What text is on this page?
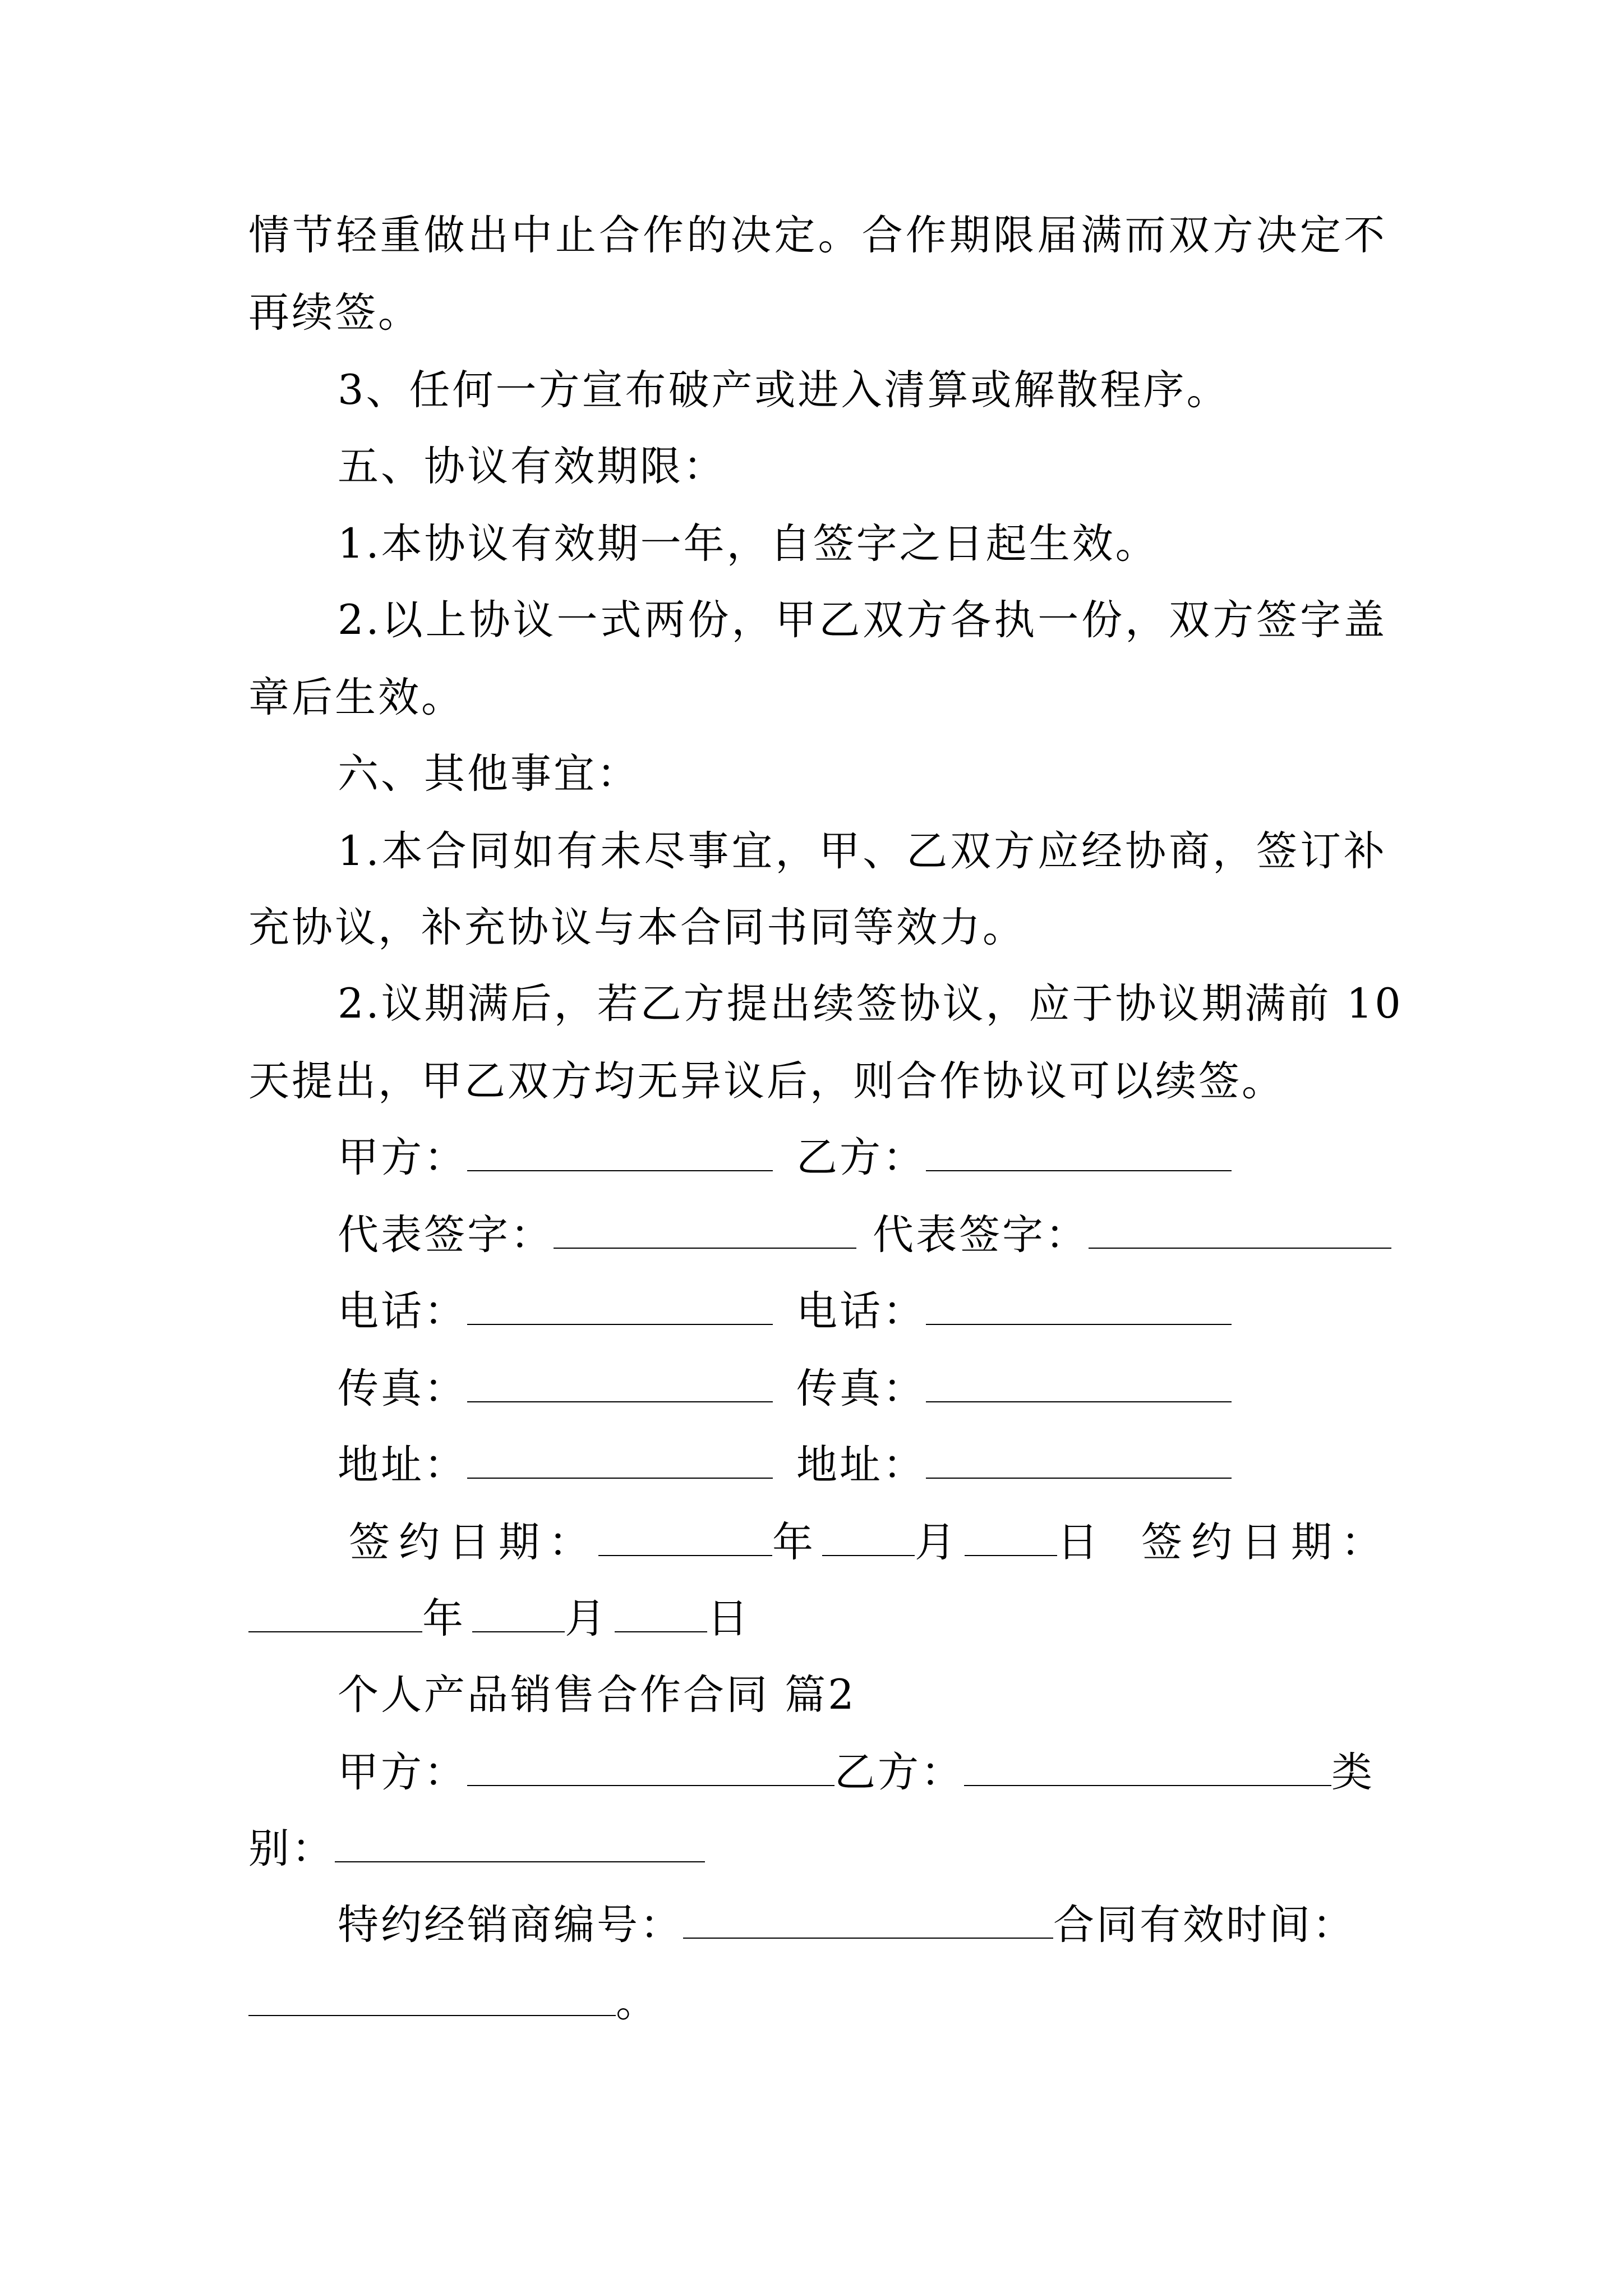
情节轻重做出中止合作的决定。合作期限届满而双方决定不
再续签。
3、任何一方宣布破产或进入清算或解散程序。
五、协议有效期限：
1.本协议有效期一年，自签字之日起生效。
2.以上协议一式两份，甲乙双方各执一份，双方签字盖
章后生效。
六、其他事宜：
1.本合同如有未尽事宜，甲、乙双方应经协商，签订补
充协议，补充协议与本合同书同等效力。
2.议期满后，若乙方提出续签协议，应于协议期满前 10
天提出，甲乙双方均无异议后，则合作协议可以续签。
甲方：	乙方：
代表签字：	代表签字：
电话：	电话：
传真：	传真：
地址：	地址：
签约日期：	年 月 日 签约日期：
年 月 日
个人产品销售合作合同 篇2
甲方：	乙方：	类
别：
特约经销商编号：	合同有效时间：
。
